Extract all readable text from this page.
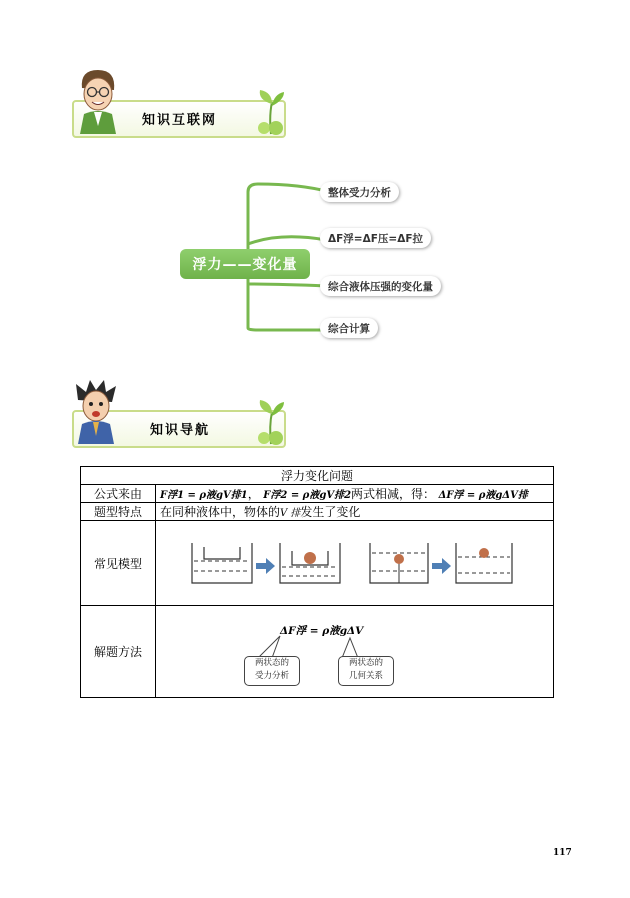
知识互联网
浮力——变化量
整体受力分析
ΔF浮=ΔF压=ΔF拉
综合液体压强的变化量
综合计算
知识导航
浮力变化问题	
公式来由	F浮1 = ρ液gV排1， F浮2 = ρ液gV排2两式相减，得： ΔF浮 = ρ液gΔV排
题型特点	在同种液体中，物体的V 排发生了变化
常见模型	

解题方法	ΔF浮 = ρ液gΔV
两状态的
受力分析
两状态的
几何关系
117
